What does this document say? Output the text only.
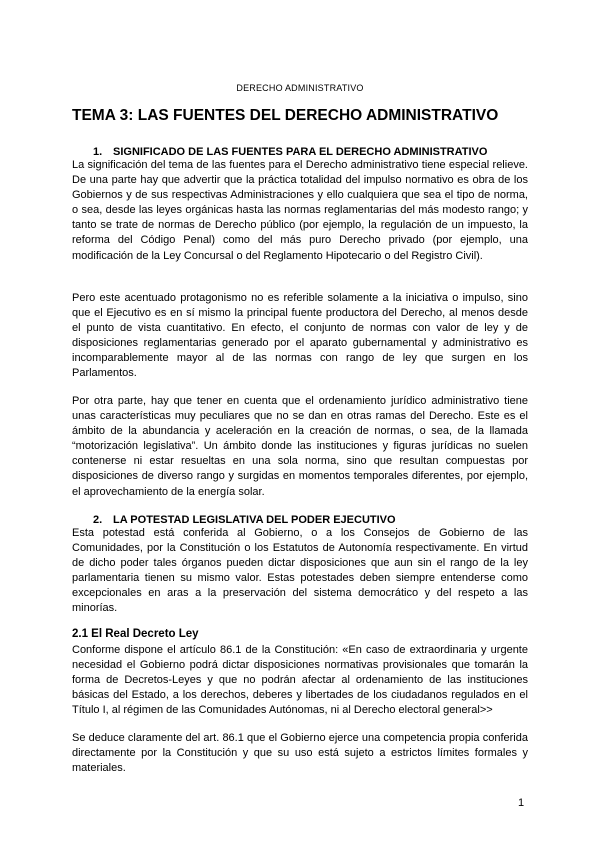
DERECHO ADMINISTRATIVO
TEMA 3: LAS FUENTES DEL DERECHO ADMINISTRATIVO
1. SIGNIFICADO DE LAS FUENTES PARA EL DERECHO ADMINISTRATIVO

La significación del tema de las fuentes para el Derecho administrativo tiene especial relieve. De una parte hay que advertir que la práctica totalidad del impulso normativo es obra de los Gobiernos y de sus respectivas Administraciones y ello cualquiera que sea el tipo de norma, o sea, desde las leyes orgánicas hasta las normas reglamentarias del más modesto rango; y tanto se trate de normas de Derecho público (por ejemplo, la regulación de un impuesto, la reforma del Código Penal) como del más puro Derecho privado (por ejemplo, una modificación de la Ley Concursal o del Reglamento Hipotecario o del Registro Civil).

Pero este acentuado protagonismo no es referible solamente a la iniciativa o impulso, sino que el Ejecutivo es en sí mismo la principal fuente productora del Derecho, al menos desde el punto de vista cuantitativo. En efecto, el conjunto de normas con valor de ley y de disposiciones reglamentarias generado por el aparato gubernamental y administrativo es incomparablemente mayor al de las normas con rango de ley que surgen en los Parlamentos.

Por otra parte, hay que tener en cuenta que el ordenamiento jurídico administrativo tiene unas características muy peculiares que no se dan en otras ramas del Derecho. Este es el ámbito de la abundancia y aceleración en la creación de normas, o sea, de la llamada “motorización legislativa”. Un ámbito donde las instituciones y figuras jurídicas no suelen contenerse ni estar resueltas en una sola norma, sino que resultan compuestas por disposiciones de diverso rango y surgidas en momentos temporales diferentes, por ejemplo, el aprovechamiento de la energía solar.

2. LA POTESTAD LEGISLATIVA DEL PODER EJECUTIVO

Esta potestad está conferida al Gobierno, o a los Consejos de Gobierno de las Comunidades, por la Constitución o los Estatutos de Autonomía respectivamente. En virtud de dicho poder tales órganos pueden dictar disposiciones que aun sin el rango de la ley parlamentaria tienen su mismo valor. Estas potestades deben siempre entenderse como excepcionales en aras a la preservación del sistema democrático y del respeto a las minorías.

2.1 El Real Decreto Ley

Conforme dispone el artículo 86.1 de la Constitución: «En caso de extraordinaria y urgente necesidad el Gobierno podrá dictar disposiciones normativas provisionales que tomarán la forma de Decretos-Leyes y que no podrán afectar al ordenamiento de las instituciones básicas del Estado, a los derechos, deberes y libertades de los ciudadanos regulados en el Título I, al régimen de las Comunidades Autónomas, ni al Derecho electoral general>>

Se deduce claramente del art. 86.1 que el Gobierno ejerce una competencia propia conferida directamente por la Constitución y que su uso está sujeto a estrictos límites formales y materiales.

1
